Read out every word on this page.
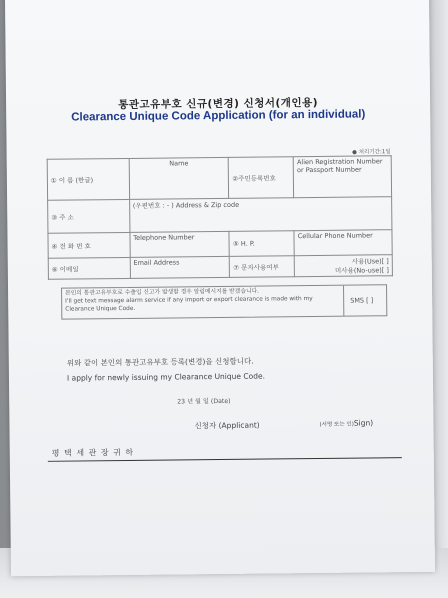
통관고유부호 신규(변경) 신청서(개인용)
Clearance Unique Code Application (for an individual)
● 처리기간:1일
① 이 름 (한글)	Name	②주민등록번호	Alien Registration Number or Passport Number
③ 주 소	(우편번호 : - ) Address & Zip code		
④ 전 화 번 호	Telephone Number	⑤ H. P.	Cellular Phone Number
⑥ 이메일	Email Address	⑦ 문자사용여부	사용(Use)[ ]
미사용(No-use)[ ]
본인의 통관고유부호로 수출입 신고가 발생할 경우 알림메시지를 받겠습니다.
I'll get text message alarm service if any import or export clearance is made with my Clearance Unique Code.
SMS [ ]
위와 같이 본인의 통관고유부호 등록(변경)을 신청합니다.
I apply for newly issuing my Clearance Unique Code.
23 년 월 일 (Date)
신청자 (Applicant)	(서명 또는 인)Sign)
평 택 세 관 장 귀 하
